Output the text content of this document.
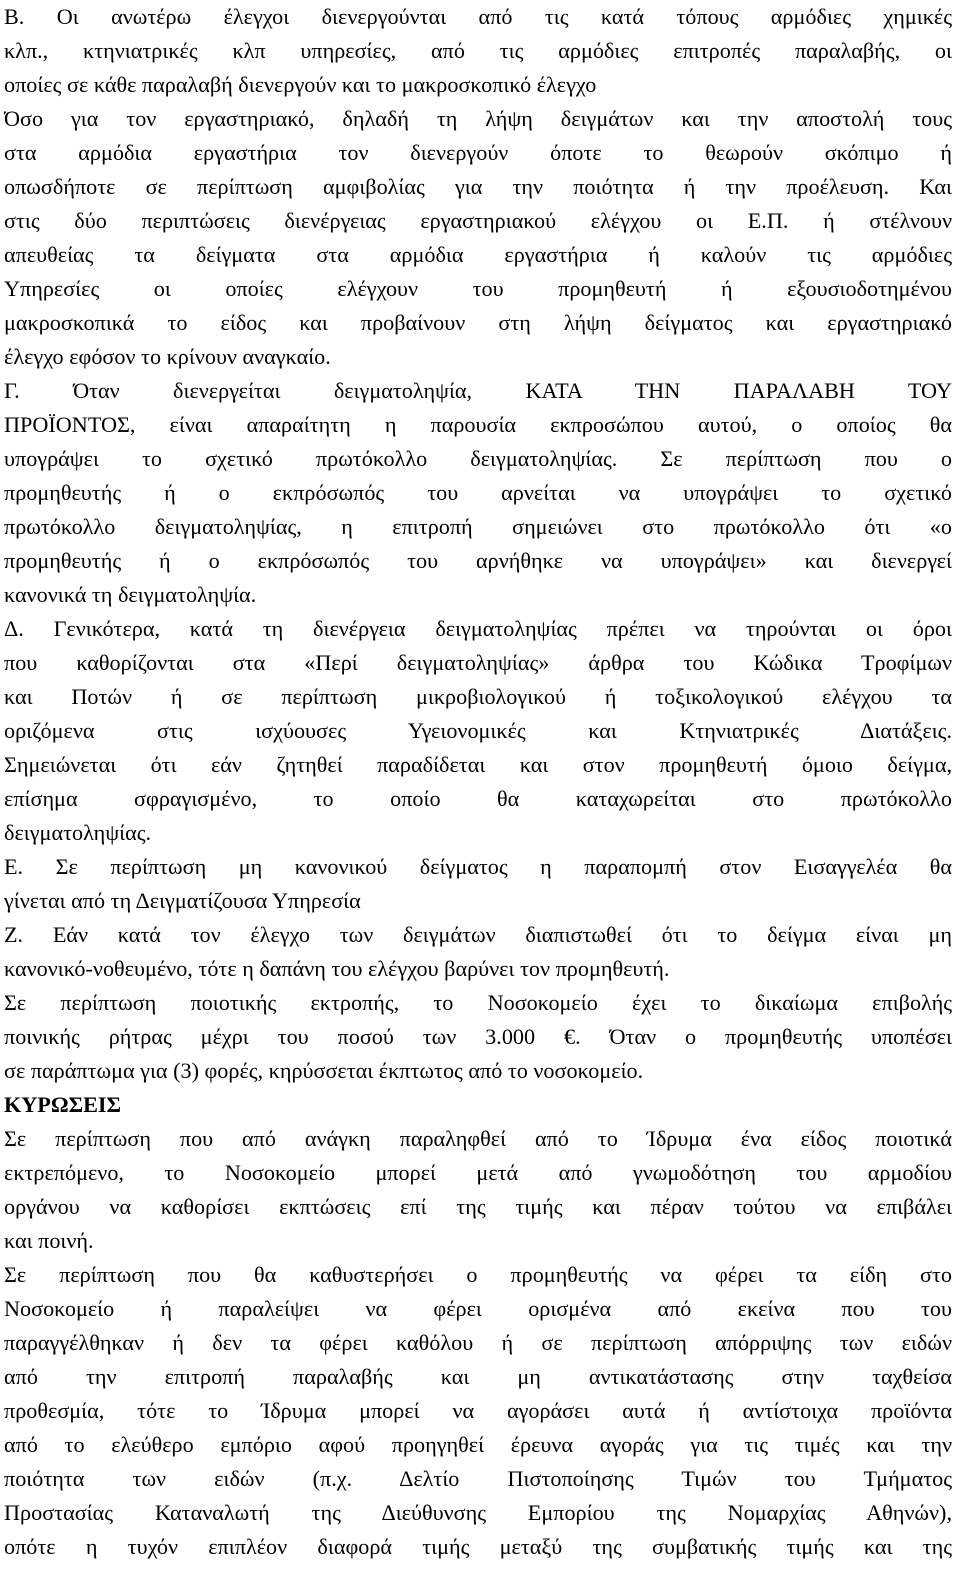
Β. Οι ανωτέρω έλεγχοι διενεργούνται από τις κατά τόπους αρμόδιες χημικές
κλπ., κτηνιατρικές κλπ υπηρεσίες, από τις αρμόδιες επιτροπές παραλαβής, οι
οποίες σε κάθε παραλαβή διενεργούν και το μακροσκοπικό έλεγχο
Όσο για τον εργαστηριακό, δηλαδή τη λήψη δειγμάτων και την αποστολή τους
στα αρμόδια εργαστήρια τον διενεργούν όποτε το θεωρούν σκόπιμο ή
οπωσδήποτε σε περίπτωση αμφιβολίας για την ποιότητα ή την προέλευση. Και
στις δύο περιπτώσεις διενέργειας εργαστηριακού ελέγχου οι Ε.Π. ή στέλνουν
απευθείας τα δείγματα στα αρμόδια εργαστήρια ή καλούν τις αρμόδιες
Υπηρεσίες οι οποίες ελέγχουν του προμηθευτή ή εξουσιοδοτημένου
μακροσκοπικά το είδος και προβαίνουν στη λήψη δείγματος και εργαστηριακό
έλεγχο εφόσον το κρίνουν αναγκαίο.
Γ. Όταν διενεργείται δειγματοληψία, ΚΑΤΑ ΤΗΝ ΠΑΡΑΛΑΒΗ ΤΟΥ
ΠΡΟΪΟΝΤΟΣ, είναι απαραίτητη η παρουσία εκπροσώπου αυτού, ο οποίος θα
υπογράψει το σχετικό πρωτόκολλο δειγματοληψίας. Σε περίπτωση που ο
προμηθευτής ή ο εκπρόσωπός του αρνείται να υπογράψει το σχετικό
πρωτόκολλο δειγματοληψίας, η επιτροπή σημειώνει στο πρωτόκολλο ότι «ο
προμηθευτής ή ο εκπρόσωπός του αρνήθηκε να υπογράψει» και διενεργεί
κανονικά τη δειγματοληψία.
Δ. Γενικότερα, κατά τη διενέργεια δειγματοληψίας πρέπει να τηρούνται οι όροι
που καθορίζονται στα «Περί δειγματοληψίας» άρθρα του Κώδικα Τροφίμων
και Ποτών ή σε περίπτωση μικροβιολογικού ή τοξικολογικού ελέγχου τα
οριζόμενα στις ισχύουσες Υγειονομικές και Κτηνιατρικές Διατάξεις.
Σημειώνεται ότι εάν ζητηθεί παραδίδεται και στον προμηθευτή όμοιο δείγμα,
επίσημα σφραγισμένο, το οποίο θα καταχωρείται στο πρωτόκολλο
δειγματοληψίας.
Ε. Σε περίπτωση μη κανονικού δείγματος η παραπομπή στον Εισαγγελέα θα
γίνεται από τη Δειγματίζουσα Υπηρεσία
Ζ. Εάν κατά τον έλεγχο των δειγμάτων διαπιστωθεί ότι το δείγμα είναι μη
κανονικό-νοθευμένο, τότε η δαπάνη του ελέγχου βαρύνει τον προμηθευτή.
Σε περίπτωση ποιοτικής εκτροπής, το Νοσοκομείο έχει το δικαίωμα επιβολής
ποινικής ρήτρας μέχρι του ποσού των 3.000 €. Όταν ο προμηθευτής υποπέσει
σε παράπτωμα για (3) φορές, κηρύσσεται έκπτωτος από το νοσοκομείο.
ΚΥΡΩΣΕΙΣ
Σε περίπτωση που από ανάγκη παραληφθεί από το Ίδρυμα ένα είδος ποιοτικά
εκτρεπόμενο, το Νοσοκομείο μπορεί μετά από γνωμοδότηση του αρμοδίου
οργάνου να καθορίσει εκπτώσεις επί της τιμής και πέραν τούτου να επιβάλει
και ποινή.
Σε περίπτωση που θα καθυστερήσει ο προμηθευτής να φέρει τα είδη στο
Νοσοκομείο ή παραλείψει να φέρει ορισμένα από εκείνα που του
παραγγέλθηκαν ή δεν τα φέρει καθόλου ή σε περίπτωση απόρριψης των ειδών
από την επιτροπή παραλαβής και μη αντικατάστασης στην ταχθείσα
προθεσμία, τότε το Ίδρυμα μπορεί να αγοράσει αυτά ή αντίστοιχα προϊόντα
από το ελεύθερο εμπόριο αφού προηγηθεί έρευνα αγοράς για τις τιμές και την
ποιότητα των ειδών (π.χ. Δελτίο Πιστοποίησης Τιμών του Τμήματος
Προστασίας Καταναλωτή της Διεύθυνσης Εμπορίου της Νομαρχίας Αθηνών),
οπότε η τυχόν επιπλέον διαφορά τιμής μεταξύ της συμβατικής τιμής και της
